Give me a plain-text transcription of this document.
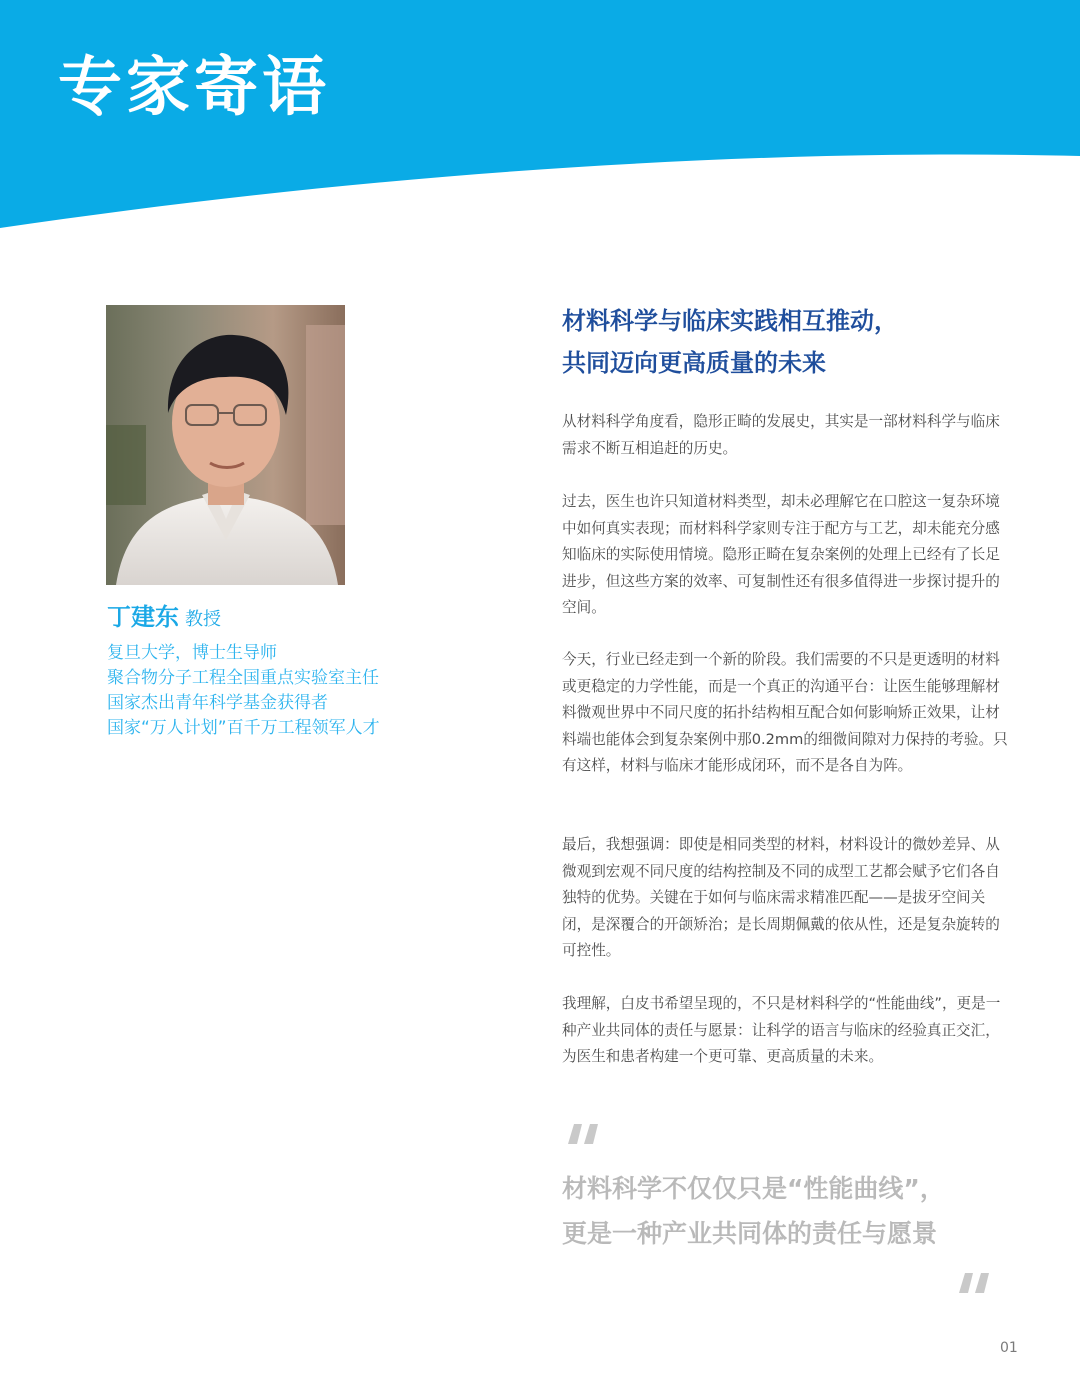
专家寄语

丁建东 教授

复旦大学，博士生导师
聚合物分子工程全国重点实验室主任
国家杰出青年科学基金获得者
国家“万人计划”百千万工程领军人才
材料科学与临床实践相互推动，
共同迈向更高质量的未来

从材料科学角度看，隐形正畸的发展史，其实是一部材料科学与临床需求不断互相追赶的历史。

过去，医生也许只知道材料类型，却未必理解它在口腔这一复杂环境中如何真实表现；而材料科学家则专注于配方与工艺，却未能充分感知临床的实际使用情境。隐形正畸在复杂案例的处理上已经有了长足进步，但这些方案的效率、可复制性还有很多值得进一步探讨提升的空间。

今天，行业已经走到一个新的阶段。我们需要的不只是更透明的材料或更稳定的力学性能，而是一个真正的沟通平台：让医生能够理解材料微观世界中不同尺度的拓扑结构相互配合如何影响矫正效果，让材料端也能体会到复杂案例中那0.2mm的细微间隙对力保持的考验。只有这样，材料与临床才能形成闭环，而不是各自为阵。

最后，我想强调：即使是相同类型的材料，材料设计的微妙差异、从微观到宏观不同尺度的结构控制及不同的成型工艺都会赋予它们各自独特的优势。关键在于如何与临床需求精准匹配——是拔牙空间关闭，是深覆合的开颌矫治；是长周期佩戴的依从性，还是复杂旋转的可控性。

我理解，白皮书希望呈现的，不只是材料科学的“性能曲线”，更是一种产业共同体的责任与愿景：让科学的语言与临床的经验真正交汇，为医生和患者构建一个更可靠、更高质量的未来。

材料科学不仅仅只是“性能曲线”，
更是一种产业共同体的责任与愿景

01
